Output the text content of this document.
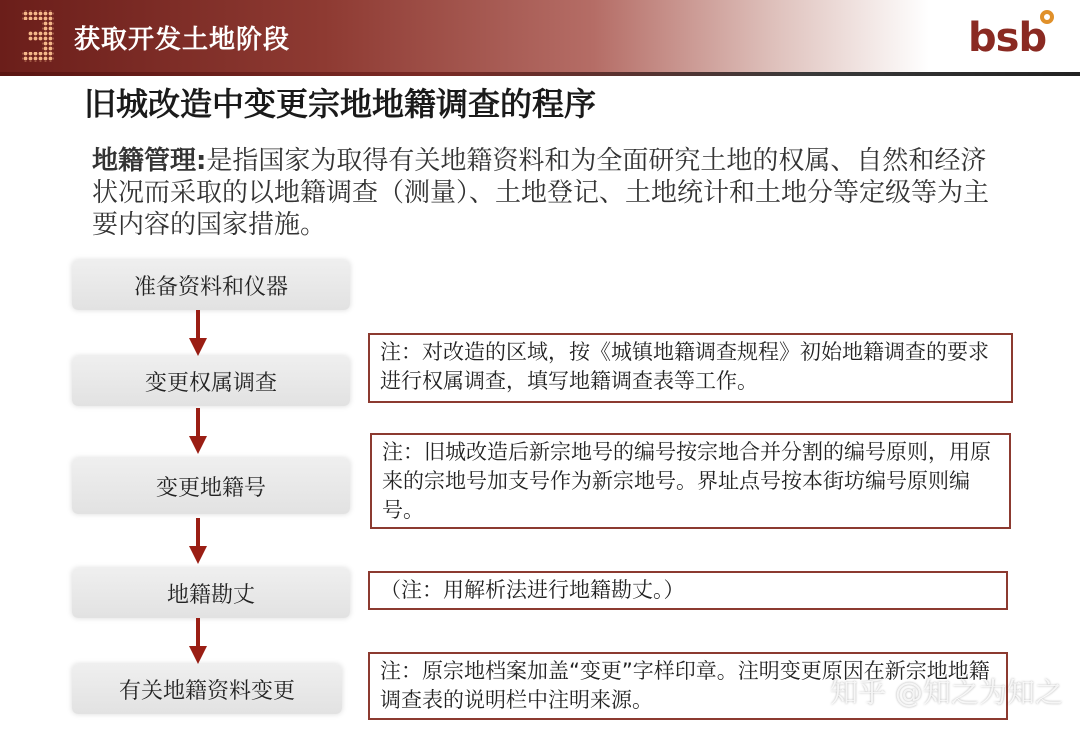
获取开发土地阶段	bsb
旧城改造中变更宗地地籍调查的程序
地籍管理:是指国家为取得有关地籍资料和为全面研究土地的权属、自然和经济状况而采取的以地籍调查（测量）、土地登记、土地统计和土地分等定级等为主要内容的国家措施。
准备资料和仪器
变更权属调查
变更地籍号
地籍勘丈
有关地籍资料变更
注：对改造的区域，按《城镇地籍调查规程》初始地籍调查的要求进行权属调查，填写地籍调查表等工作。
注：旧城改造后新宗地号的编号按宗地合并分割的编号原则，用原来的宗地号加支号作为新宗地号。界址点号按本街坊编号原则编号。
（注：用解析法进行地籍勘丈。）
注：原宗地档案加盖“变更”字样印章。注明变更原因在新宗地地籍调查表的说明栏中注明来源。	知乎 @知之为知之
